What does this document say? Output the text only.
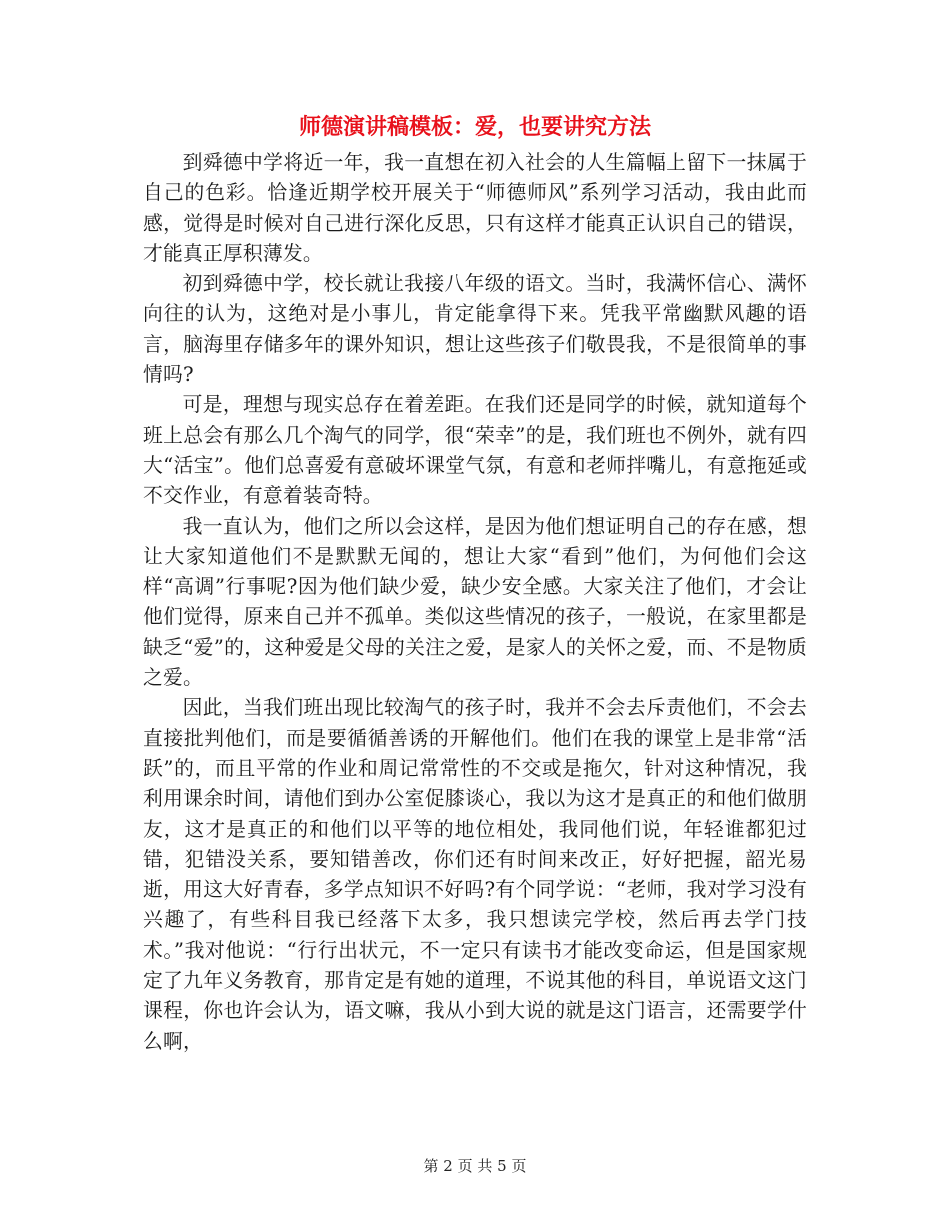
师德演讲稿模板：爱，也要讲究方法

到舜德中学将近一年，我一直想在初入社会的人生篇幅上留下一抹属于自己的色彩。恰逢近期学校开展关于“师德师风”系列学习活动，我由此而感，觉得是时候对自己进行深化反思，只有这样才能真正认识自己的错误，才能真正厚积薄发。

初到舜德中学，校长就让我接八年级的语文。当时，我满怀信心、满怀向往的认为，这绝对是小事儿，肯定能拿得下来。凭我平常幽默风趣的语言，脑海里存储多年的课外知识，想让这些孩子们敬畏我，不是很简单的事情吗?

可是，理想与现实总存在着差距。在我们还是同学的时候，就知道每个班上总会有那么几个淘气的同学，很“荣幸”的是，我们班也不例外，就有四大“活宝”。他们总喜爱有意破坏课堂气氛，有意和老师拌嘴儿，有意拖延或不交作业，有意着装奇特。

我一直认为，他们之所以会这样，是因为他们想证明自己的存在感，想让大家知道他们不是默默无闻的，想让大家“看到”他们，为何他们会这样“高调”行事呢?因为他们缺少爱，缺少安全感。大家关注了他们，才会让他们觉得，原来自己并不孤单。类似这些情况的孩子，一般说，在家里都是缺乏“爱”的，这种爱是父母的关注之爱，是家人的关怀之爱，而、不是物质之爱。

因此，当我们班出现比较淘气的孩子时，我并不会去斥责他们，不会去直接批判他们，而是要循循善诱的开解他们。他们在我的课堂上是非常“活跃”的，而且平常的作业和周记常常性的不交或是拖欠，针对这种情况，我利用课余时间，请他们到办公室促膝谈心，我以为这才是真正的和他们做朋友，这才是真正的和他们以平等的地位相处，我同他们说，年轻谁都犯过错，犯错没关系，要知错善改，你们还有时间来改正，好好把握，韶光易逝，用这大好青春，多学点知识不好吗?有个同学说：“老师，我对学习没有兴趣了，有些科目我已经落下太多，我只想读完学校，然后再去学门技术。”我对他说：“行行出状元，不一定只有读书才能改变命运，但是国家规定了九年义务教育，那肯定是有她的道理，不说其他的科目，单说语文这门课程，你也许会认为，语文嘛，我从小到大说的就是这门语言，还需要学什么啊，

第 2 页 共 5 页
